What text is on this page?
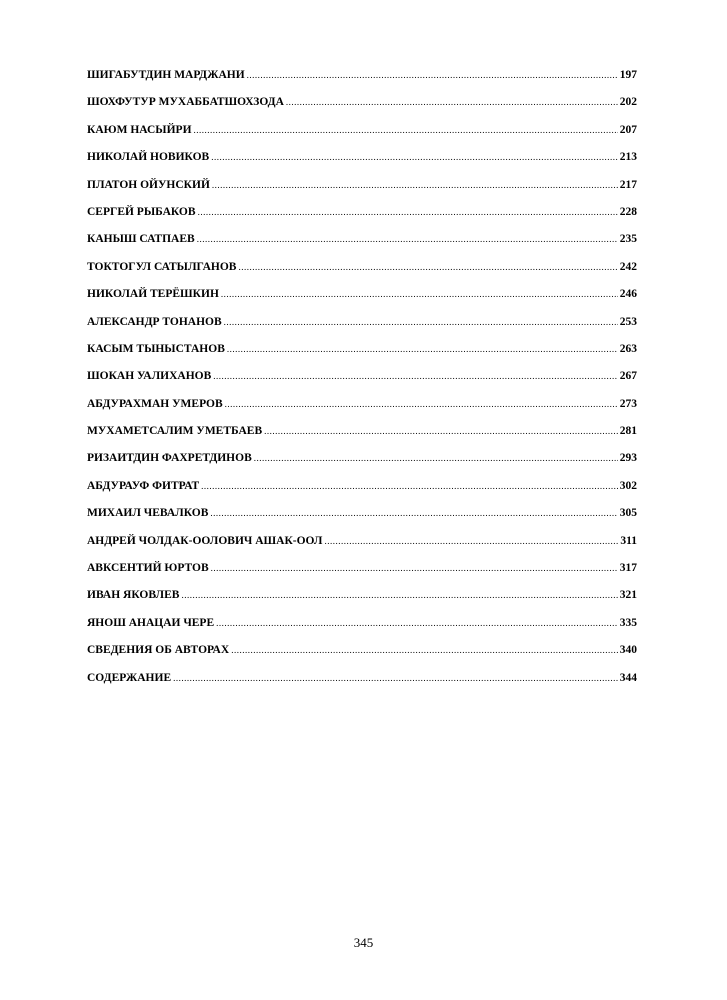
ШИГАБУТДИН МАРДЖАНИ .....	197
ШОХФУТУР МУХАББАТШОХЗОДА .....	202
КАЮМ НАСЫЙРИ .....	207
НИКОЛАЙ НОВИКОВ .....	213
ПЛАТОН ОЙУНСКИЙ .....	217
СЕРГЕЙ РЫБАКОВ .....	228
КАНЫШ САТПАЕВ .....	235
ТОКТОГУЛ САТЫЛГАНОВ .....	242
НИКОЛАЙ ТЕРЁШКИН .....	246
АЛЕКСАНДР ТОНАНОВ .....	253
КАСЫМ ТЫНЫСТАНОВ .....	263
ШОКАН УАЛИХАНОВ .....	267
АБДУРАХМАН УМЕРОВ .....	273
МУХАМЕТСАЛИМ УМЕТБАЕВ .....	281
РИЗАИТДИН ФАХРЕТДИНОВ .....	293
АБДУРАУФ ФИТРАТ .....	302
МИХАИЛ ЧЕВАЛКОВ .....	305
АНДРЕЙ ЧОЛДАК-ООЛОВИЧ АШАК-ООЛ .....	311
АВКСЕНТИЙ ЮРТОВ .....	317
ИВАН ЯКОВЛЕВ .....	321
ЯНОШ АНАЦАИ ЧЕРЕ .....	335
СВЕДЕНИЯ ОБ АВТОРАХ .....	340
СОДЕРЖАНИЕ .....	344
345
